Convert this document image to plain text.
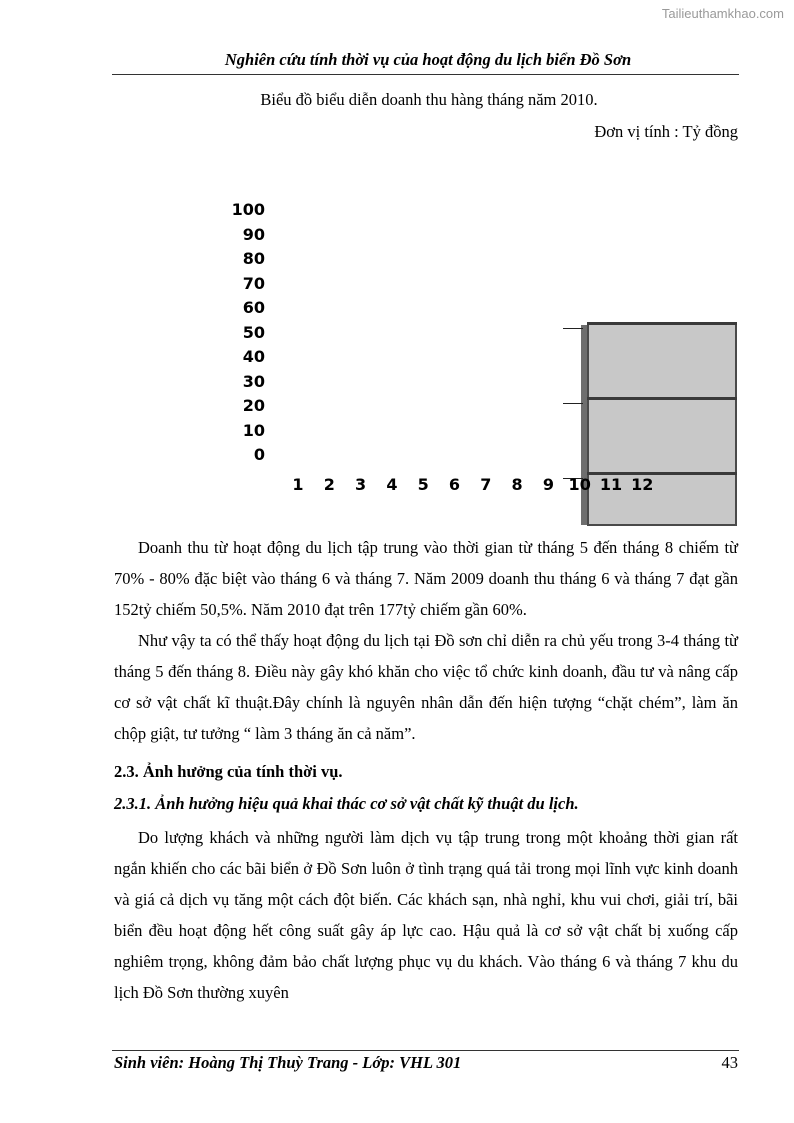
Tailieuthamkhao.com
Nghiên cứu tính thời vụ của hoạt động du lịch biển Đồ Sơn
Biểu đồ biểu diễn doanh thu hàng tháng năm 2010.
Đơn vị tính : Tỷ đồng
100
90
80
70
60
50
40
30
20
10
0
1 2 3 4 5 6 7 8 9 10 11 12

Doanh thu từ hoạt động du lịch tập trung vào thời gian từ tháng 5 đến tháng 8 chiếm từ 70% - 80% đặc biệt vào tháng 6 và tháng 7. Năm 2009 doanh thu tháng 6 và tháng 7 đạt gần 152tỷ chiếm 50,5%. Năm 2010 đạt trên 177tỷ chiếm gần 60%.

Như vậy ta có thể thấy hoạt động du lịch tại Đồ sơn chỉ diễn ra chủ yếu trong 3-4 tháng từ tháng 5 đến tháng 8. Điều này gây khó khăn cho việc tổ chức kinh doanh, đầu tư và nâng cấp cơ sở vật chất kĩ thuật.Đây chính là nguyên nhân dẫn đến hiện tượng “chặt chém”, làm ăn chộp giật, tư tưởng “ làm 3 tháng ăn cả năm”.

2.3. Ảnh hưởng của tính thời vụ.
2.3.1. Ảnh hưởng hiệu quả khai thác cơ sở vật chất kỹ thuật du lịch.

Do lượng khách và những người làm dịch vụ tập trung trong một khoảng thời gian rất ngắn khiến cho các bãi biển ở Đồ Sơn luôn ở tình trạng quá tải trong mọi lĩnh vực kinh doanh và giá cả dịch vụ tăng một cách đột biến. Các khách sạn, nhà nghỉ, khu vui chơi, giải trí, bãi biển đều hoạt động hết công suất gây áp lực cao. Hậu quả là cơ sở vật chất bị xuống cấp nghiêm trọng, không đảm bảo chất lượng phục vụ du khách. Vào tháng 6 và tháng 7 khu du lịch Đồ Sơn thường xuyên

Sinh viên: Hoàng Thị Thuỳ Trang - Lớp: VHL 301	43
